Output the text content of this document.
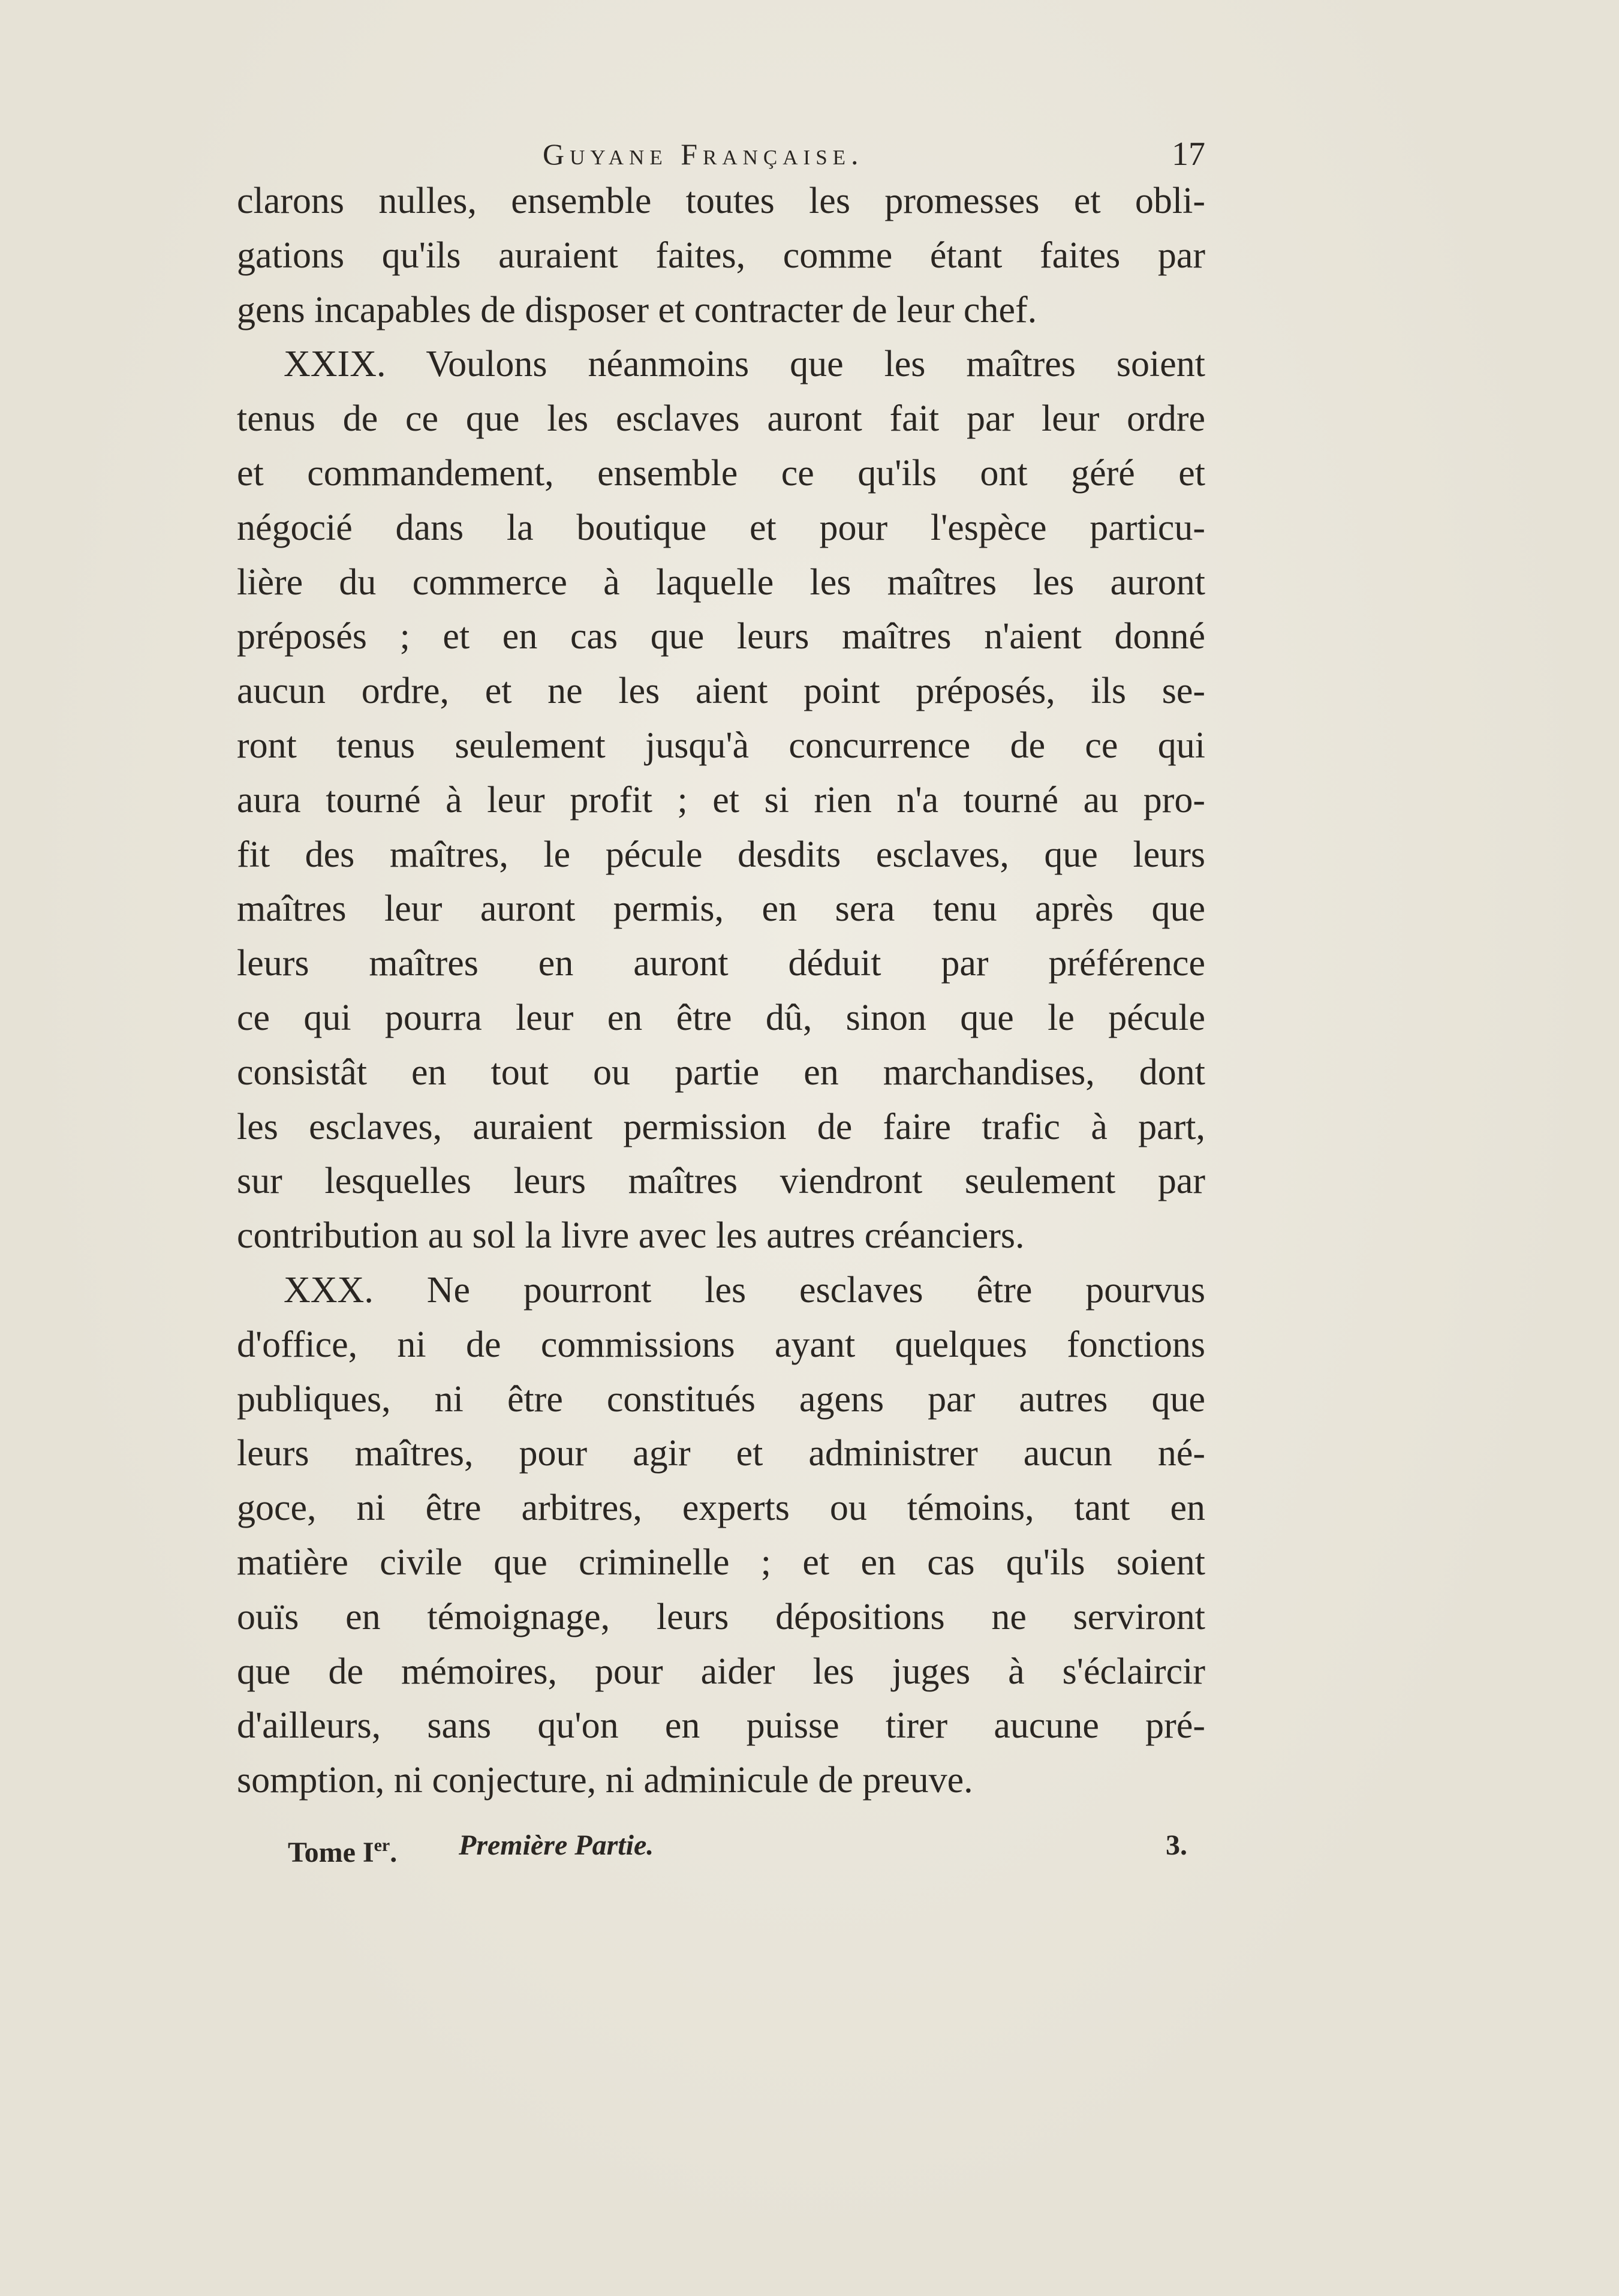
Guyane Française.	17
clarons nulles, ensemble toutes les promesses et obli-
gations qu'ils auraient faites, comme étant faites par
gens incapables de disposer et contracter de leur chef.
XXIX. Voulons néanmoins que les maîtres soient
tenus de ce que les esclaves auront fait par leur ordre
et commandement, ensemble ce qu'ils ont géré et
négocié dans la boutique et pour l'espèce particu-
lière du commerce à laquelle les maîtres les auront
préposés ; et en cas que leurs maîtres n'aient donné
aucun ordre, et ne les aient point préposés, ils se-
ront tenus seulement jusqu'à concurrence de ce qui
aura tourné à leur profit ; et si rien n'a tourné au pro-
fit des maîtres, le pécule desdits esclaves, que leurs
maîtres leur auront permis, en sera tenu après que
leurs maîtres en auront déduit par préférence
ce qui pourra leur en être dû, sinon que le pécule
consistât en tout ou partie en marchandises, dont
les esclaves, auraient permission de faire trafic à part,
sur lesquelles leurs maîtres viendront seulement par
contribution au sol la livre avec les autres créanciers.
XXX. Ne pourront les esclaves être pourvus
d'office, ni de commissions ayant quelques fonctions
publiques, ni être constitués agens par autres que
leurs maîtres, pour agir et administrer aucun né-
goce, ni être arbitres, experts ou témoins, tant en
matière civile que criminelle ; et en cas qu'ils soient
ouïs en témoignage, leurs dépositions ne serviront
que de mémoires, pour aider les juges à s'éclaircir
d'ailleurs, sans qu'on en puisse tirer aucune pré-
somption, ni conjecture, ni adminicule de preuve.
Tome Ier. Première Partie.	3.
